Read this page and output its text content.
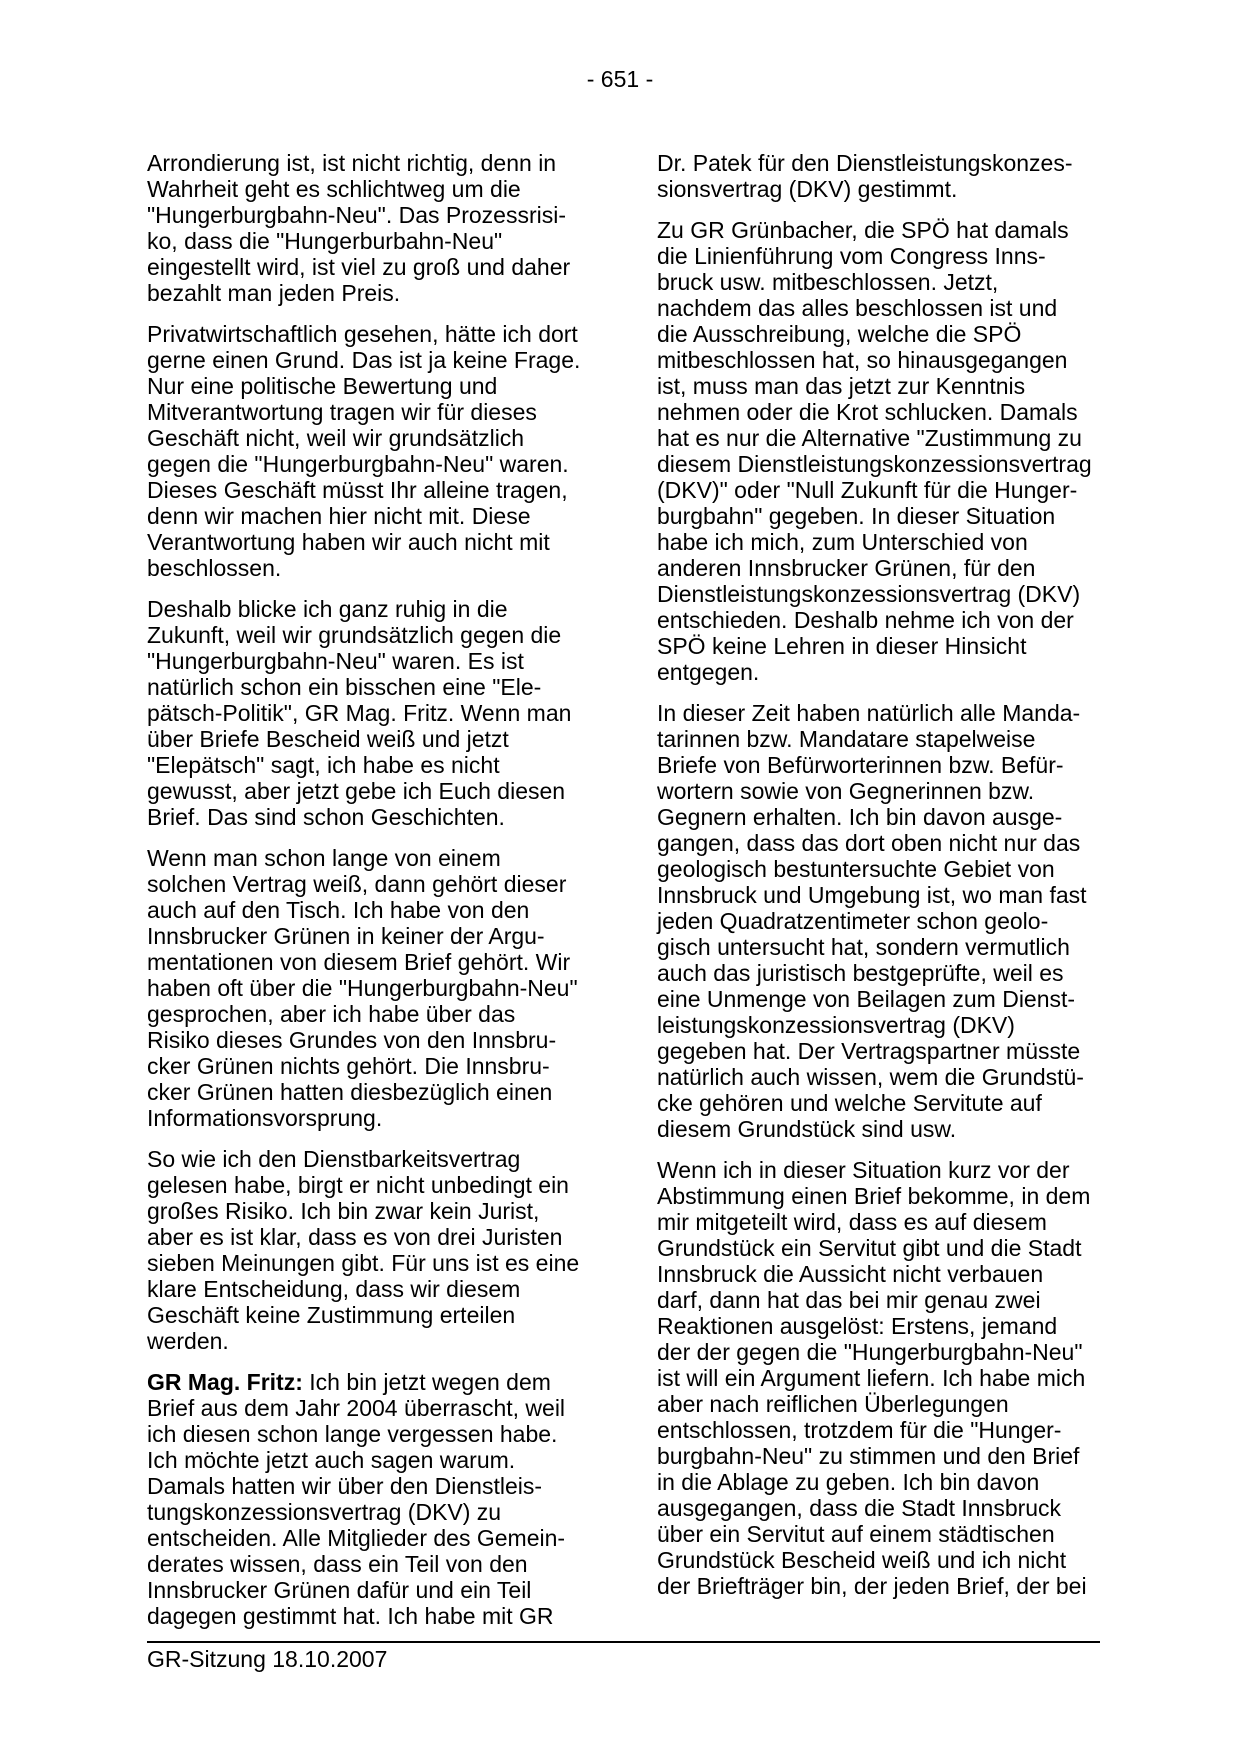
- 651 -

Arrondierung ist, ist nicht richtig, denn in
Wahrheit geht es schlichtweg um die
"Hungerburgbahn-Neu". Das Prozessrisi-
ko, dass die "Hungerburbahn-Neu"
eingestellt wird, ist viel zu groß und daher
bezahlt man jeden Preis.

Privatwirtschaftlich gesehen, hätte ich dort
gerne einen Grund. Das ist ja keine Frage.
Nur eine politische Bewertung und
Mitverantwortung tragen wir für dieses
Geschäft nicht, weil wir grundsätzlich
gegen die "Hungerburgbahn-Neu" waren.
Dieses Geschäft müsst Ihr alleine tragen,
denn wir machen hier nicht mit. Diese
Verantwortung haben wir auch nicht mit
beschlossen.

Deshalb blicke ich ganz ruhig in die
Zukunft, weil wir grundsätzlich gegen die
"Hungerburgbahn-Neu" waren. Es ist
natürlich schon ein bisschen eine "Ele-
pätsch-Politik", GR Mag. Fritz. Wenn man
über Briefe Bescheid weiß und jetzt
"Elepätsch" sagt, ich habe es nicht
gewusst, aber jetzt gebe ich Euch diesen
Brief. Das sind schon Geschichten.

Wenn man schon lange von einem
solchen Vertrag weiß, dann gehört dieser
auch auf den Tisch. Ich habe von den
Innsbrucker Grünen in keiner der Argu-
mentationen von diesem Brief gehört. Wir
haben oft über die "Hungerburgbahn-Neu"
gesprochen, aber ich habe über das
Risiko dieses Grundes von den Innsbru-
cker Grünen nichts gehört. Die Innsbru-
cker Grünen hatten diesbezüglich einen
Informationsvorsprung.

So wie ich den Dienstbarkeitsvertrag
gelesen habe, birgt er nicht unbedingt ein
großes Risiko. Ich bin zwar kein Jurist,
aber es ist klar, dass es von drei Juristen
sieben Meinungen gibt. Für uns ist es eine
klare Entscheidung, dass wir diesem
Geschäft keine Zustimmung erteilen
werden.

GR Mag. Fritz: Ich bin jetzt wegen dem
Brief aus dem Jahr 2004 überrascht, weil
ich diesen schon lange vergessen habe.
Ich möchte jetzt auch sagen warum.
Damals hatten wir über den Dienstleis-
tungskonzessionsvertrag (DKV) zu
entscheiden. Alle Mitglieder des Gemein-
derates wissen, dass ein Teil von den
Innsbrucker Grünen dafür und ein Teil
dagegen gestimmt hat. Ich habe mit GR

Dr. Patek für den Dienstleistungskonzes-
sionsvertrag (DKV) gestimmt.

Zu GR Grünbacher, die SPÖ hat damals
die Linienführung vom Congress Inns-
bruck usw. mitbeschlossen. Jetzt,
nachdem das alles beschlossen ist und
die Ausschreibung, welche die SPÖ
mitbeschlossen hat, so hinausgegangen
ist, muss man das jetzt zur Kenntnis
nehmen oder die Krot schlucken. Damals
hat es nur die Alternative "Zustimmung zu
diesem Dienstleistungskonzessionsvertrag
(DKV)" oder "Null Zukunft für die Hunger-
burgbahn" gegeben. In dieser Situation
habe ich mich, zum Unterschied von
anderen Innsbrucker Grünen, für den
Dienstleistungskonzessionsvertrag (DKV)
entschieden. Deshalb nehme ich von der
SPÖ keine Lehren in dieser Hinsicht
entgegen.

In dieser Zeit haben natürlich alle Manda-
tarinnen bzw. Mandatare stapelweise
Briefe von Befürworterinnen bzw. Befür-
wortern sowie von Gegnerinnen bzw.
Gegnern erhalten. Ich bin davon ausge-
gangen, dass das dort oben nicht nur das
geologisch bestuntersuchte Gebiet von
Innsbruck und Umgebung ist, wo man fast
jeden Quadratzentimeter schon geolo-
gisch untersucht hat, sondern vermutlich
auch das juristisch bestgeprüfte, weil es
eine Unmenge von Beilagen zum Dienst-
leistungskonzessionsvertrag (DKV)
gegeben hat. Der Vertragspartner müsste
natürlich auch wissen, wem die Grundstü-
cke gehören und welche Servitute auf
diesem Grundstück sind usw.

Wenn ich in dieser Situation kurz vor der
Abstimmung einen Brief bekomme, in dem
mir mitgeteilt wird, dass es auf diesem
Grundstück ein Servitut gibt und die Stadt
Innsbruck die Aussicht nicht verbauen
darf, dann hat das bei mir genau zwei
Reaktionen ausgelöst: Erstens, jemand
der der gegen die "Hungerburgbahn-Neu"
ist will ein Argument liefern. Ich habe mich
aber nach reiflichen Überlegungen
entschlossen, trotzdem für die "Hunger-
burgbahn-Neu" zu stimmen und den Brief
in die Ablage zu geben. Ich bin davon
ausgegangen, dass die Stadt Innsbruck
über ein Servitut auf einem städtischen
Grundstück Bescheid weiß und ich nicht
der Briefträger bin, der jeden Brief, der bei

GR-Sitzung 18.10.2007
